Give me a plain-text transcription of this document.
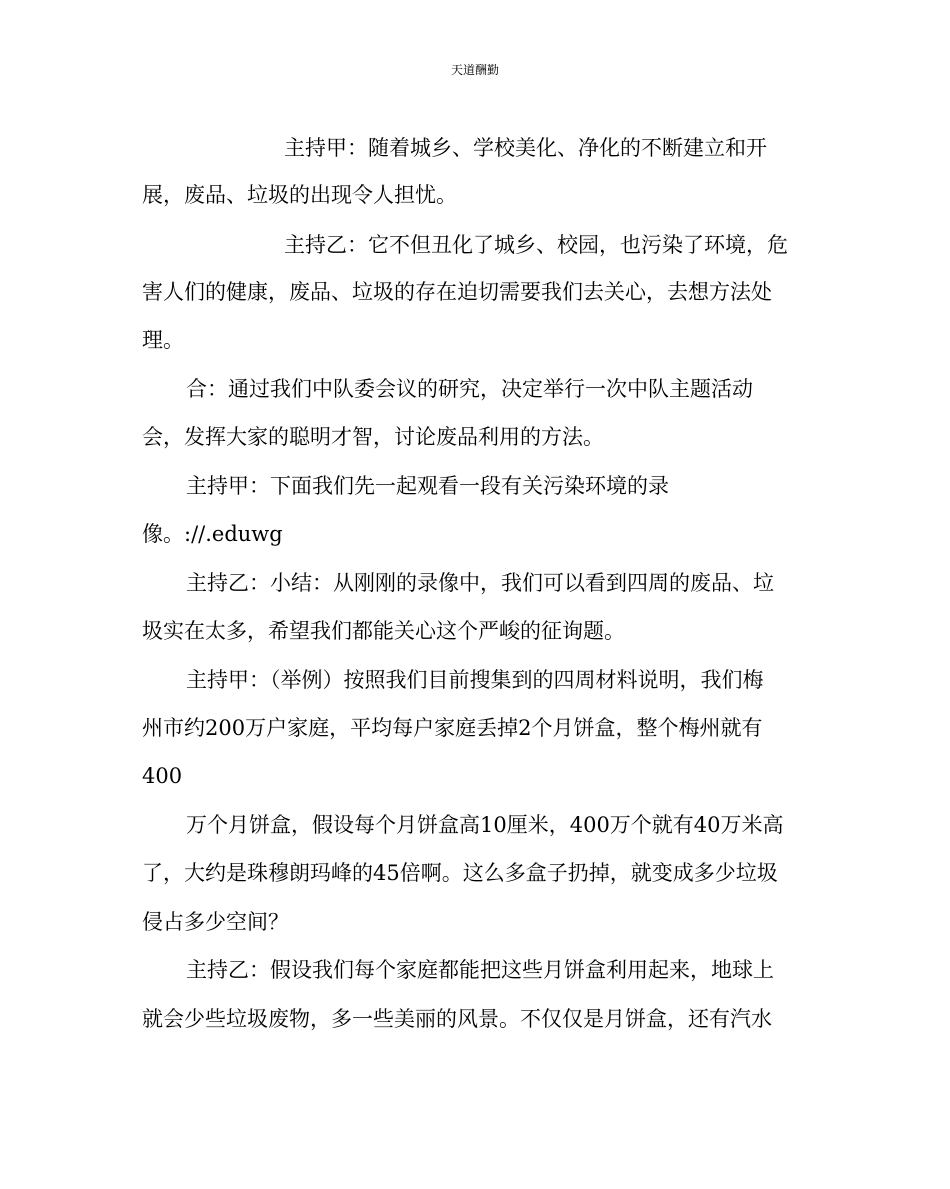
天道酬勤
主持甲：随着城乡、学校美化、净化的不断建立和开
展，废品、垃圾的出现令人担忧。
主持乙：它不但丑化了城乡、校园，也污染了环境，危
害人们的健康，废品、垃圾的存在迫切需要我们去关心，去想方法处
理。
合：通过我们中队委会议的研究，决定举行一次中队主题活动
会，发挥大家的聪明才智，讨论废品利用的方法。
主持甲：下面我们先一起观看一段有关污染环境的录
像。://.eduwg
主持乙：小结：从刚刚的录像中，我们可以看到四周的废品、垃
圾实在太多，希望我们都能关心这个严峻的征询题。
主持甲：（举例）按照我们目前搜集到的四周材料说明，我们梅
州市约200万户家庭，平均每户家庭丢掉2个月饼盒，整个梅州就有
400
万个月饼盒，假设每个月饼盒高10厘米，400万个就有40万米高
了，大约是珠穆朗玛峰的45倍啊。这么多盒子扔掉，就变成多少垃圾
侵占多少空间？
主持乙：假设我们每个家庭都能把这些月饼盒利用起来，地球上
就会少些垃圾废物，多一些美丽的风景。不仅仅是月饼盒，还有汽水
